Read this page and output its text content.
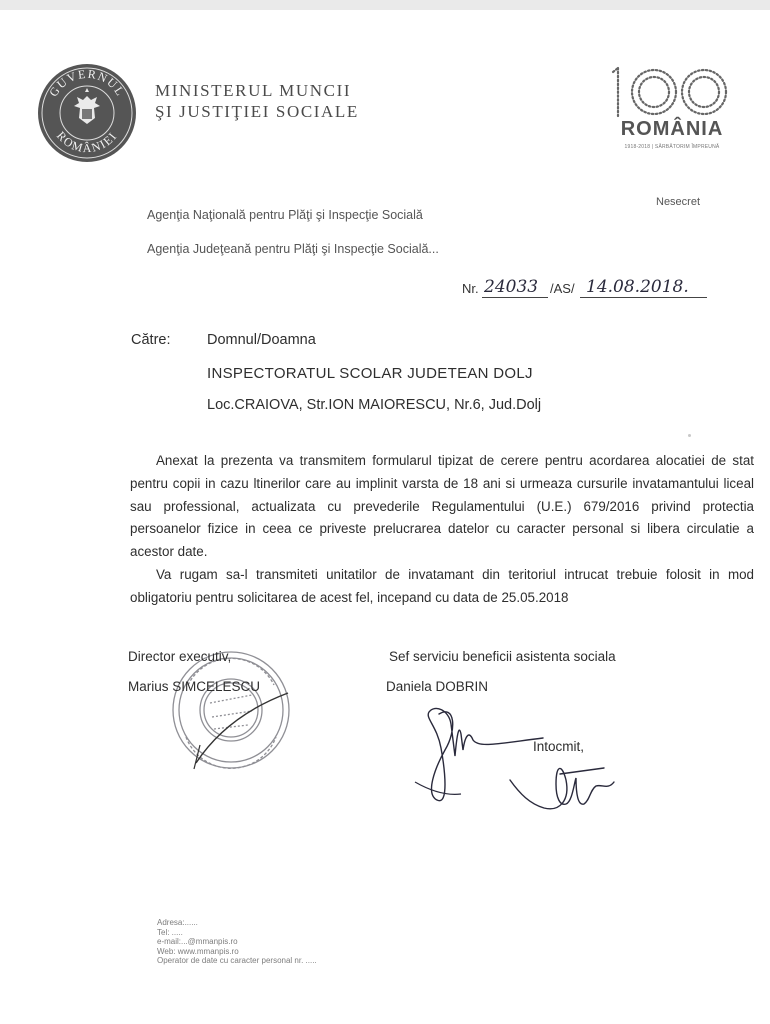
GUVERNUL
ROMÂNIEI
MINISTERUL MUNCII
ŞI JUSTIŢIEI SOCIALE
ROMÂNIA
1918-2018 | SĂRBĂTORIM ÎMPREUNĂ
Nesecret
Agenţia Naţională pentru Plăţi şi Inspecţie Socială
Agenţia Judeţeană pentru Plăţi şi Inspecţie Socială...
Nr. 24033 /AS/ 14.08.2018.
Către:	Domnul/Doamna
INSPECTORATUL SCOLAR JUDETEAN DOLJ
Loc.CRAIOVA, Str.ION MAIORESCU, Nr.6, Jud.Dolj
Anexat la prezenta va transmitem formularul tipizat de cerere pentru acordarea alocatiei de stat pentru copii in cazu ltinerilor care au implinit varsta de 18 ani si urmeaza cursurile invatamantului liceal sau professional, actualizata cu prevederile Regulamentului (U.E.) 679/2016 privind protectia persoanelor fizice in ceea ce priveste prelucrarea datelor cu caracter personal si libera circulatie a acestor date.
Va rugam sa-l transmiteti unitatilor de invatamant din teritoriul intrucat trebuie folosit in mod obligatoriu pentru solicitarea de acest fel, incepand cu data de 25.05.2018
Director executiv,
Marius SIMCELESCU
Sef serviciu beneficii asistenta sociala
Daniela DOBRIN
Intocmit,
Adresa:......
Tel: .....
e-mail:...@mmanpis.ro
Web: www.mmanpis.ro
Operator de date cu caracter personal nr. .....
